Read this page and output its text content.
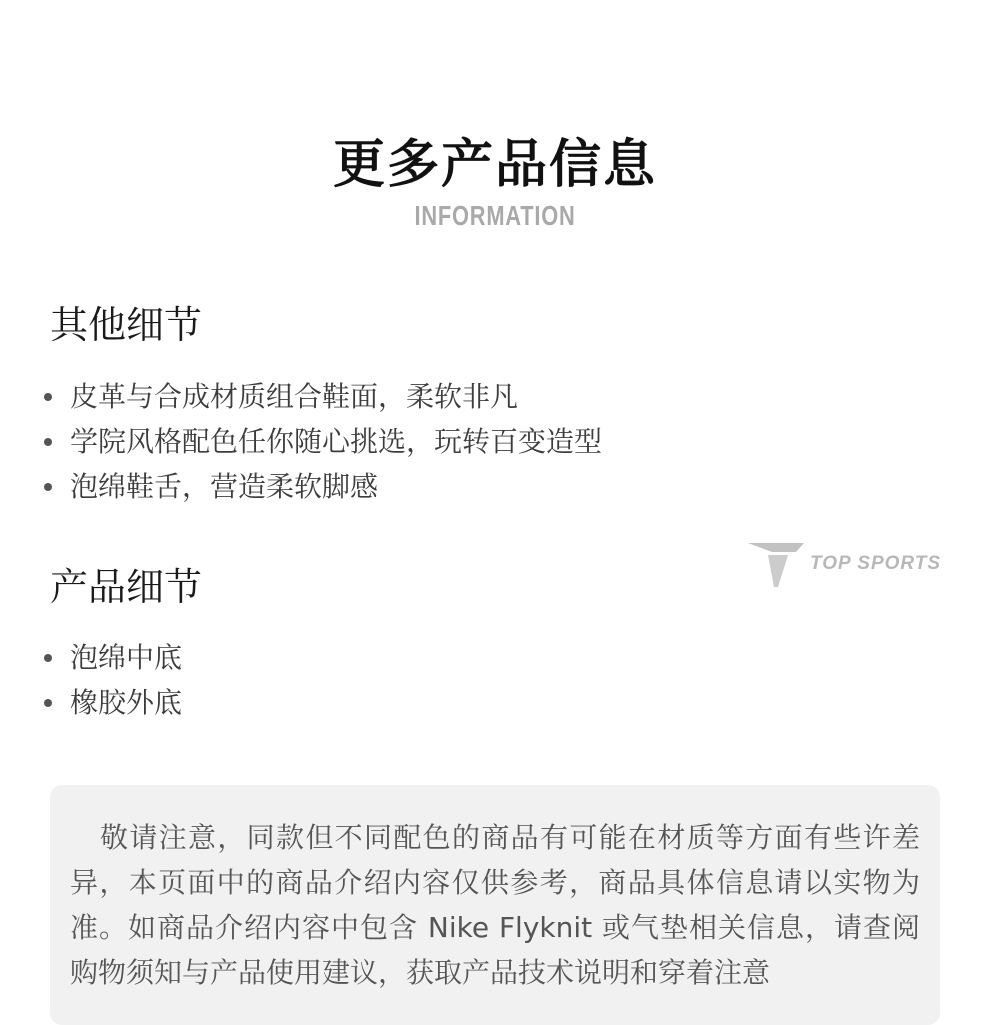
更多产品信息
INFORMATION
其他细节
皮革与合成材质组合鞋面，柔软非凡
学院风格配色任你随心挑选，玩转百变造型
泡绵鞋舌，营造柔软脚感
TOP SPORTS
产品细节
泡绵中底
橡胶外底
敬请注意，同款但不同配色的商品有可能在材质等方面有些许差异，本页面中的商品介绍内容仅供参考，商品具体信息请以实物为准。如商品介绍内容中包含 Nike Flyknit 或气垫相关信息，请查阅购物须知与产品使用建议，获取产品技术说明和穿着注意
